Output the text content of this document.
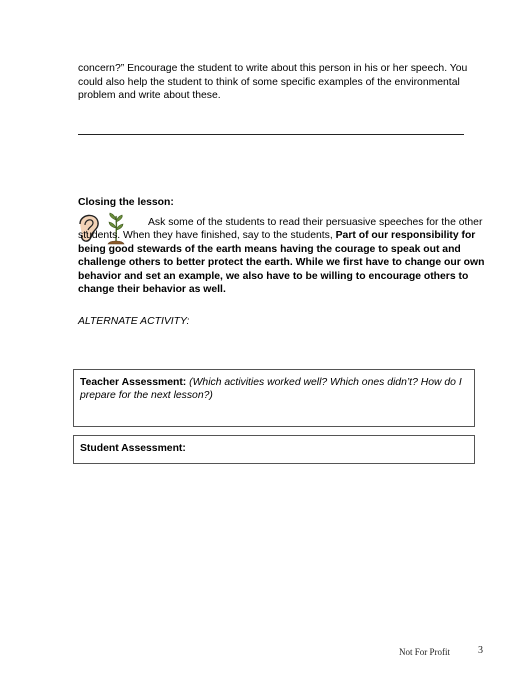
concern?” Encourage the student to write about this person in his or her speech. You could also help the student to think of some specific examples of the environmental problem and write about these.
Closing the lesson:
Ask some of the students to read their persuasive speeches for the other students. When they have finished, say to the students, Part of our responsibility for being good stewards of the earth means having the courage to speak out and challenge others to better protect the earth. While we first have to change our own behavior and set an example, we also have to be willing to encourage others to change their behavior as well.
ALTERNATE ACTIVITY:
Teacher Assessment: (Which activities worked well? Which ones didn’t? How do I prepare for the next lesson?)
Student Assessment:
Not For Profit	3
